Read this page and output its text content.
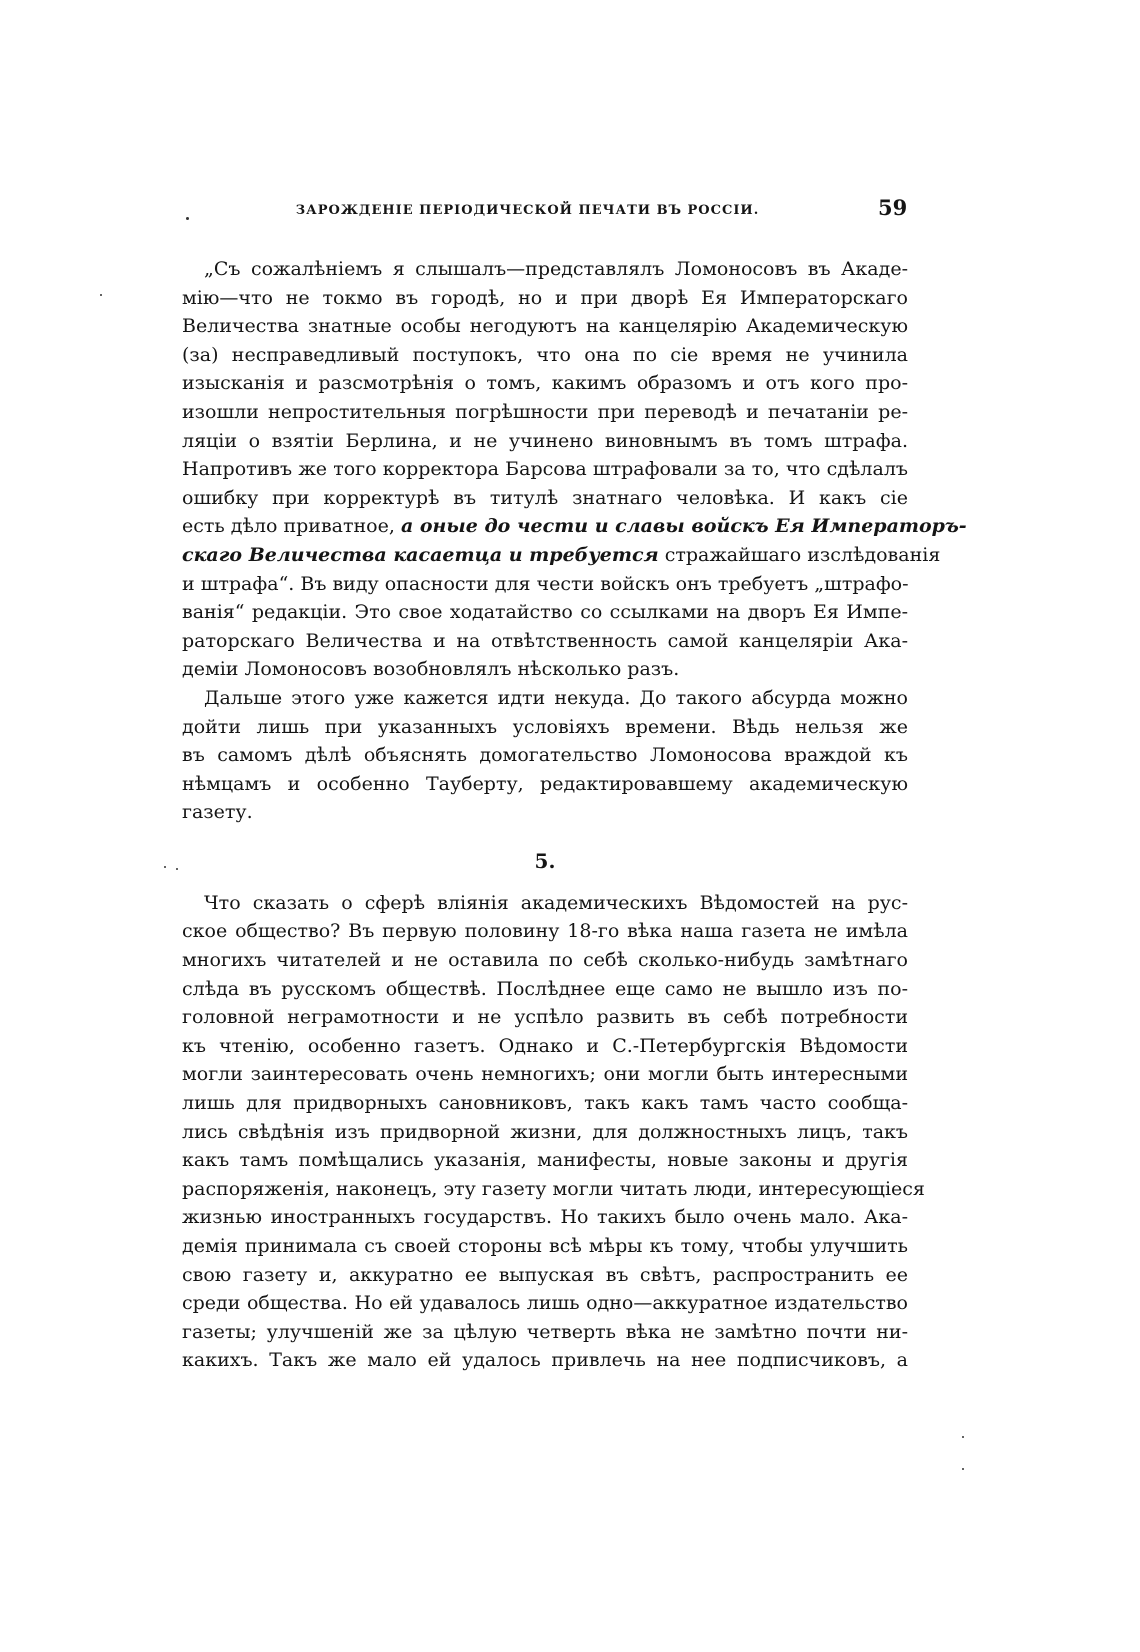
ЗАРОЖДЕНІЕ ПЕРІОДИЧЕСКОЙ ПЕЧАТИ ВЪ РОССІИ.	59
„Съ сожалѣніемъ я слышалъ—представлялъ Ломоносовъ въ Акаде-
мію—что не токмо въ городѣ, но и при дворѣ Ея Императорскаго
Величества знатные особы негодуютъ на канцелярію Академическую
(за) несправедливый поступокъ, что она по сіе время не учинила
изысканія и разсмотрѣнія о томъ, какимъ образомъ и отъ кого про-
изошли непростительныя погрѣшности при переводѣ и печатаніи ре-
ляціи о взятіи Берлина, и не учинено виновнымъ въ томъ штрафа.
Напротивъ же того корректора Барсова штрафовали за то, что сдѣлалъ
ошибку при корректурѣ въ титулѣ знатнаго человѣка. И какъ сіе
есть дѣло приватное, а оные до чести и славы войскъ Ея Императоръ-
скаго Величества касаетца и требуется стражайшаго изслѣдованія
и штрафа“. Въ виду опасности для чести войскъ онъ требуетъ „штрафо-
ванія“ редакціи. Это свое ходатайство со ссылками на дворъ Ея Импе-
раторскаго Величества и на отвѣтственность самой канцеляріи Ака-
деміи Ломоносовъ возобновлялъ нѣсколько разъ.
Дальше этого уже кажется идти некуда. До такого абсурда можно
дойти лишь при указанныхъ условіяхъ времени. Вѣдь нельзя же
въ самомъ дѣлѣ объяснять домогательство Ломоносова враждой къ
нѣмцамъ и особенно Тауберту, редактировавшему академическую
газету.
5.
Что сказать о сферѣ вліянія академическихъ Вѣдомостей на рус-
ское общество? Въ первую половину 18-го вѣка наша газета не имѣла
многихъ читателей и не оставила по себѣ сколько-нибудь замѣтнаго
слѣда въ русскомъ обществѣ. Послѣднее еще само не вышло изъ по-
головной неграмотности и не успѣло развить въ себѣ потребности
къ чтенію, особенно газетъ. Однако и С.-Петербургскія Вѣдомости
могли заинтересовать очень немногихъ; они могли быть интересными
лишь для придворныхъ сановниковъ, такъ какъ тамъ часто сообща-
лись свѣдѣнія изъ придворной жизни, для должностныхъ лицъ, такъ
какъ тамъ помѣщались указанія, манифесты, новые законы и другія
распоряженія, наконецъ, эту газету могли читать люди, интересующіеся
жизнью иностранныхъ государствъ. Но такихъ было очень мало. Ака-
демія принимала съ своей стороны всѣ мѣры къ тому, чтобы улучшить
свою газету и, аккуратно ее выпуская въ свѣтъ, распространить ее
среди общества. Но ей удавалось лишь одно—аккуратное издательство
газеты; улучшеній же за цѣлую четверть вѣка не замѣтно почти ни-
какихъ. Такъ же мало ей удалось привлечь на нее подписчиковъ, а
